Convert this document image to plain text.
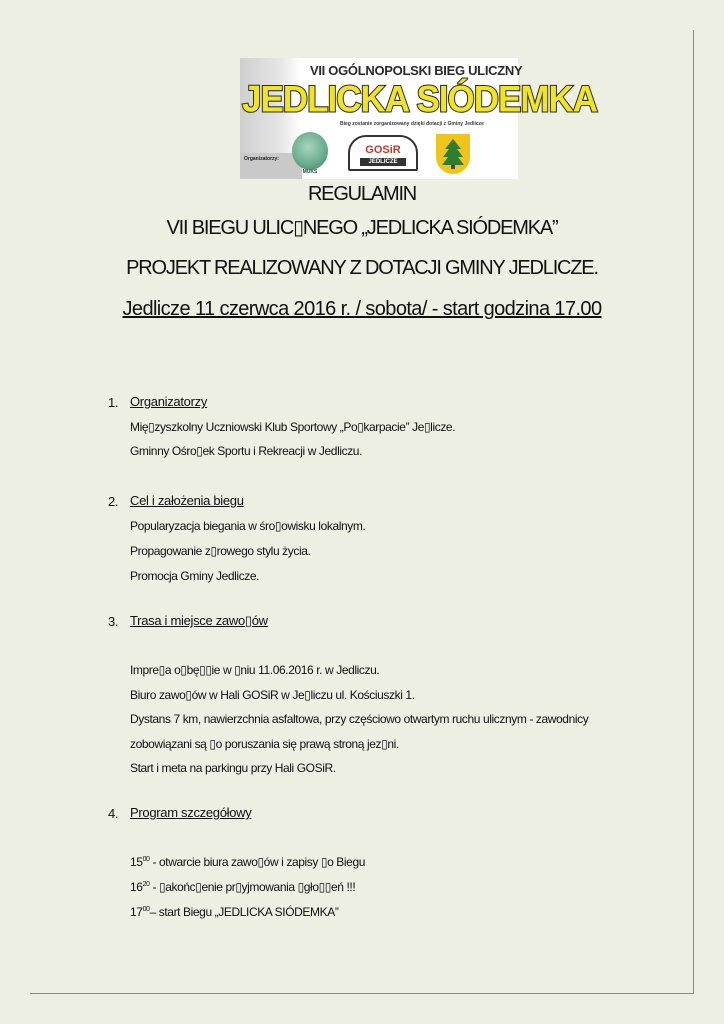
VII OGÓLNOPOLSKI BIEG ULICZNY
JEDLICKA SIÓDEMKA
Bieg zostanie zorganizowany dzięki dotacji z Gminy Jedlicze
Organizatorzy:
MUKS
GOSiR
JEDLICZE
REGULAMIN
VII BIEGU ULIC▯NEGO „JEDLICKA SIÓDEMKA”
PROJEKT REALIZOWANY Z DOTACJI GMINY JEDLICZE.
Jedlicze 11 czerwca 2016 r. / sobota/ - start godzina 17.00
1. Organizatorzy
Mię▯zyszkolny Uczniowski Klub Sportowy „Po▯karpacie” Je▯licze.
Gminny Ośro▯ek Sportu i Rekreacji w Jedliczu.
2. Cel i założenia biegu
Popularyzacja biegania w śro▯owisku lokalnym.
Propagowanie z▯rowego stylu życia.
Promocja Gminy Jedlicze.
3. Trasa i miejsce zawo▯ów
Impre▯a o▯bę▯▯ie w ▯niu 11.06.2016 r. w Jedliczu.
Biuro zawo▯ów w Hali GOSiR w Je▯liczu ul. Kościuszki 1.
Dystans 7 km, nawierzchnia asfaltowa, przy częściowo otwartym ruchu ulicznym - zawodnicy
zobowiązani są ▯o poruszania się prawą stroną jez▯ni.
Start i meta na parkingu przy Hali GOSiR.
4. Program szczegółowy
$15^{00}$ - otwarcie biura zawo▯ów i zapisy ▯o Biegu
$16^{20}$ - ▯akońc▯enie pr▯yjmowania ▯gło▯▯eń !!!
$17^{00}-$ start Biegu „JEDLICKA SIÓDEMKA”
